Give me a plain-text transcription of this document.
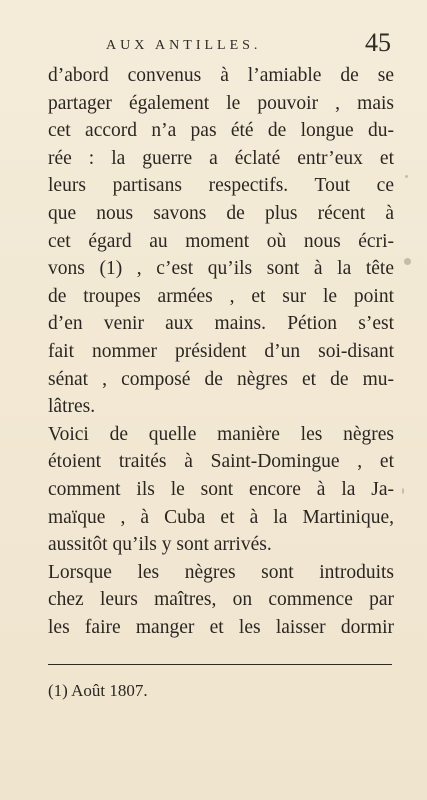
AUX ANTILLES.	45
d’abord convenus à l’amiable de se
partager également le pouvoir , mais
cet accord n’a pas été de longue du-
rée : la guerre a éclaté entr’eux et
leurs partisans respectifs. Tout ce
que nous savons de plus récent à
cet égard au moment où nous écri-
vons (1) , c’est qu’ils sont à la tête
de troupes armées , et sur le point
d’en venir aux mains. Pétion s’est
fait nommer président d’un soi-disant
sénat , composé de nègres et de mu-
lâtres.
Voici de quelle manière les nègres
étoient traités à Saint-Domingue , et
comment ils le sont encore à la Ja-
maïque , à Cuba et à la Martinique,
aussitôt qu’ils y sont arrivés.
Lorsque les nègres sont introduits
chez leurs maîtres, on commence par
les faire manger et les laisser dormir
(1) Août 1807.
